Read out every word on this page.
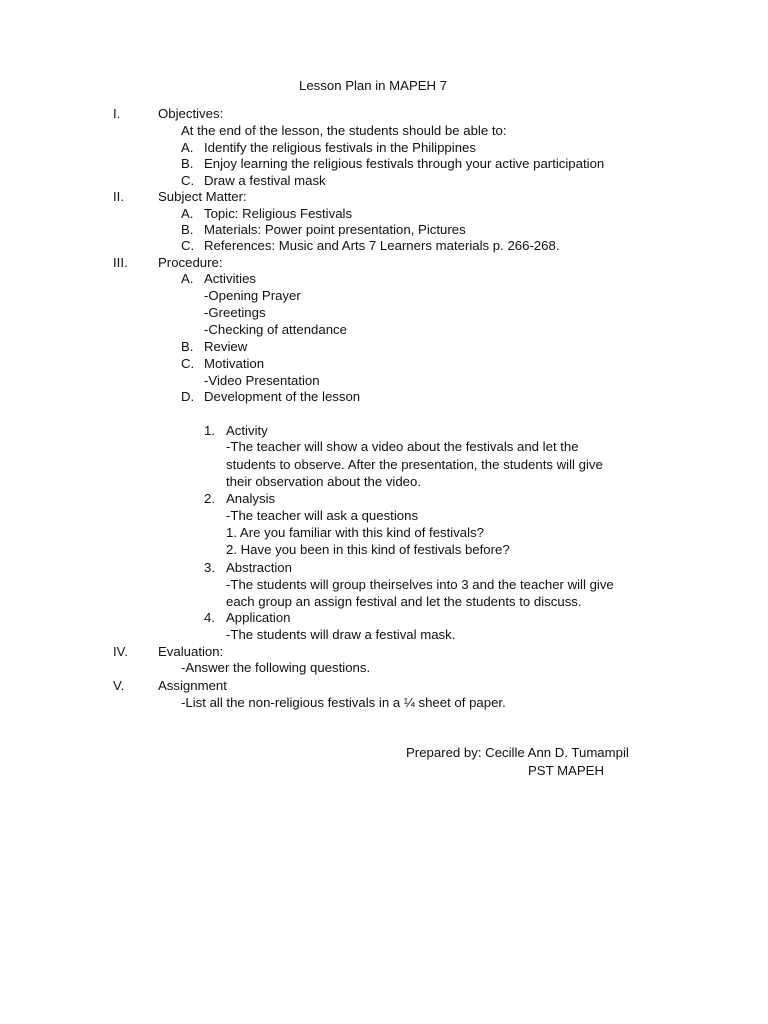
Lesson Plan in MAPEH 7
I.	Objectives:
At the end of the lesson, the students should be able to:
A. Identify the religious festivals in the Philippines
B. Enjoy learning the religious festivals through your active participation
C. Draw a festival mask
II.	Subject Matter:
A. Topic: Religious Festivals
B. Materials: Power point presentation, Pictures
C. References: Music and Arts 7 Learners materials p. 266-268.
III. Procedure:
A. Activities
-Opening Prayer
-Greetings
-Checking of attendance
B. Review
C. Motivation
-Video Presentation
D. Development of the lesson
1. Activity
-The teacher will show a video about the festivals and let the
students to observe. After the presentation, the students will give
their observation about the video.
2. Analysis
-The teacher will ask a questions
1. Are you familiar with this kind of festivals?
2. Have you been in this kind of festivals before?
3. Abstraction
-The students will group theirselves into 3 and the teacher will give
each group an assign festival and let the students to discuss.
4. Application
-The students will draw a festival mask.
IV. Evaluation:
-Answer the following questions.
V.	Assignment
-List all the non-religious festivals in a ¼ sheet of paper.
Prepared by: Cecille Ann D. Tumampil
PST MAPEH
